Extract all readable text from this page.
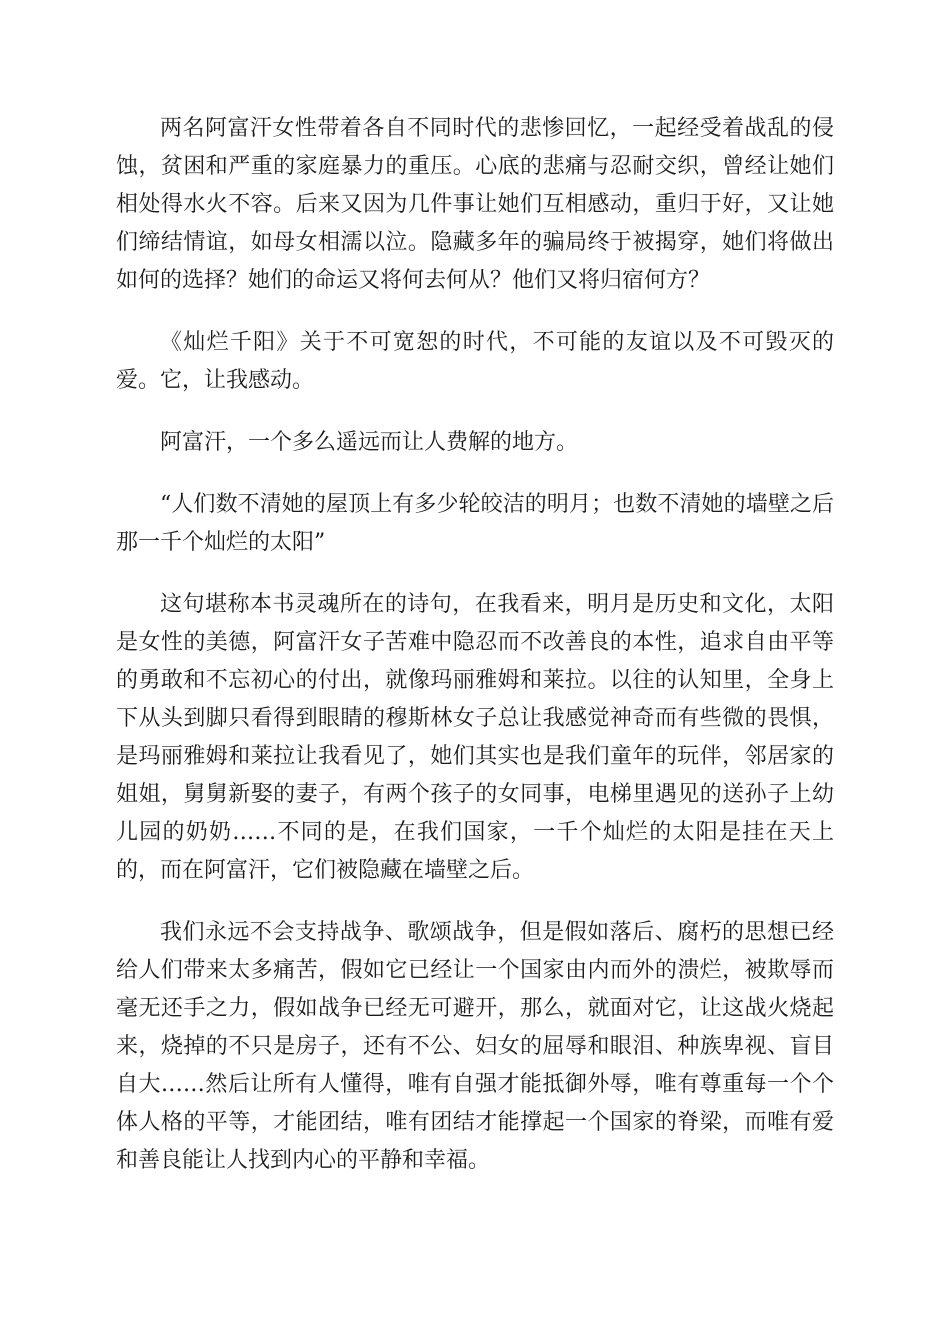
两名阿富汗女性带着各自不同时代的悲惨回忆，一起经受着战乱的侵蚀，贫困和严重的家庭暴力的重压。心底的悲痛与忍耐交织，曾经让她们相处得水火不容。后来又因为几件事让她们互相感动，重归于好，又让她们缔结情谊，如母女相濡以泣。隐藏多年的骗局终于被揭穿，她们将做出如何的选择？她们的命运又将何去何从？他们又将归宿何方？

《灿烂千阳》关于不可宽恕的时代，不可能的友谊以及不可毁灭的爱。它，让我感动。

阿富汗，一个多么遥远而让人费解的地方。

“人们数不清她的屋顶上有多少轮皎洁的明月；也数不清她的墙壁之后那一千个灿烂的太阳”

这句堪称本书灵魂所在的诗句，在我看来，明月是历史和文化，太阳是女性的美德，阿富汗女子苦难中隐忍而不改善良的本性，追求自由平等的勇敢和不忘初心的付出，就像玛丽雅姆和莱拉。以往的认知里，全身上下从头到脚只看得到眼睛的穆斯林女子总让我感觉神奇而有些微的畏惧，是玛丽雅姆和莱拉让我看见了，她们其实也是我们童年的玩伴，邻居家的姐姐，舅舅新娶的妻子，有两个孩子的女同事，电梯里遇见的送孙子上幼儿园的奶奶……不同的是，在我们国家，一千个灿烂的太阳是挂在天上的，而在阿富汗，它们被隐藏在墙壁之后。

我们永远不会支持战争、歌颂战争，但是假如落后、腐朽的思想已经给人们带来太多痛苦，假如它已经让一个国家由内而外的溃烂，被欺辱而毫无还手之力，假如战争已经无可避开，那么，就面对它，让这战火烧起来，烧掉的不只是房子，还有不公、妇女的屈辱和眼泪、种族卑视、盲目自大……然后让所有人懂得，唯有自强才能抵御外辱，唯有尊重每一个个体人格的平等，才能团结，唯有团结才能撑起一个国家的脊梁，而唯有爱和善良能让人找到内心的平静和幸福。
